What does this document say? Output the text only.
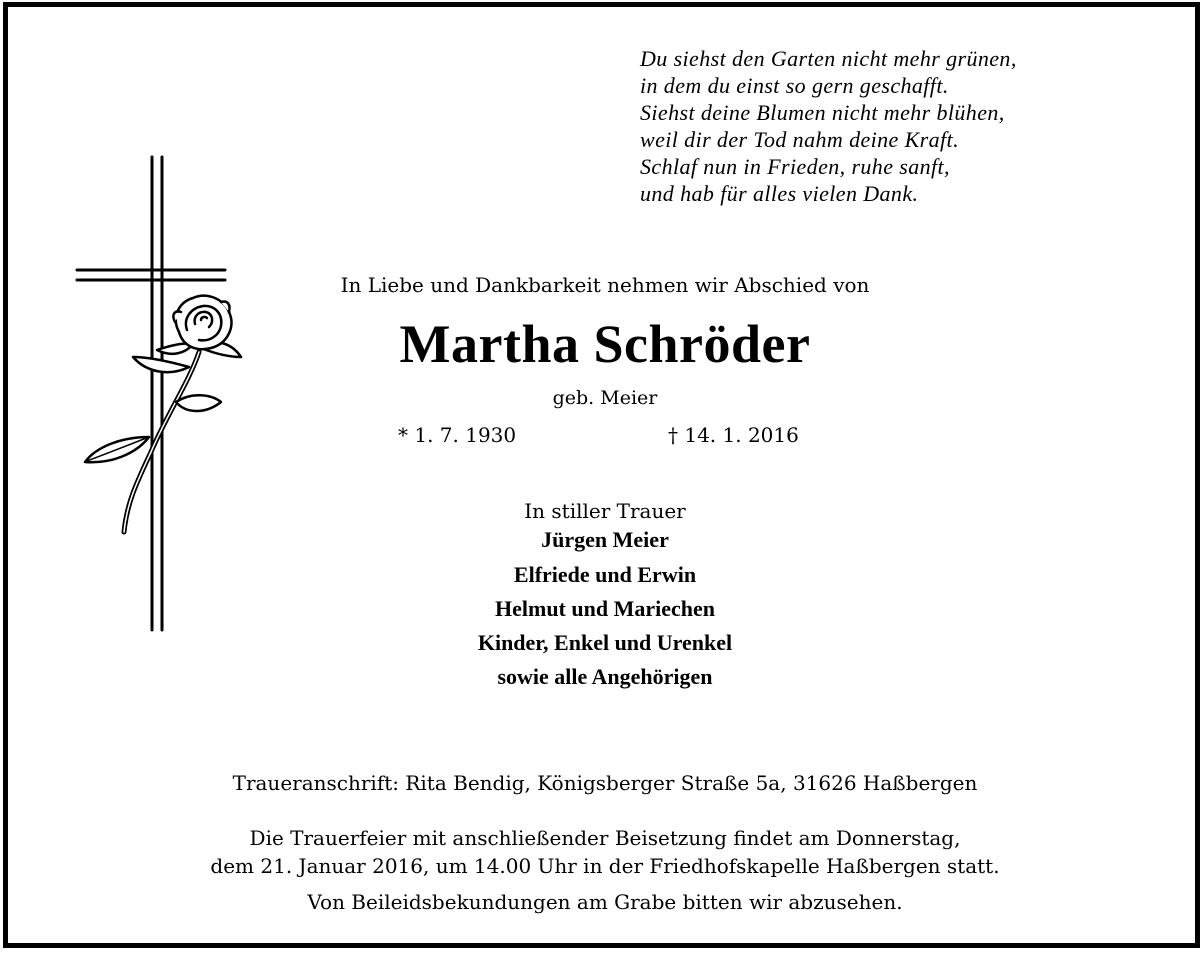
Du siehst den Garten nicht mehr grünen,
in dem du einst so gern geschafft.
Siehst deine Blumen nicht mehr blühen,
weil dir der Tod nahm deine Kraft.
Schlaf nun in Frieden, ruhe sanft,
und hab für alles vielen Dank.
In Liebe und Dankbarkeit nehmen wir Abschied von
Martha Schröder
geb. Meier
* 1. 7. 1930	† 14. 1. 2016
In stiller Trauer
Jürgen Meier
Elfriede und Erwin
Helmut und Mariechen
Kinder, Enkel und Urenkel
sowie alle Angehörigen
Traueranschrift: Rita Bendig, Königsberger Straße 5a, 31626 Haßbergen
Die Trauerfeier mit anschließender Beisetzung findet am Donnerstag,
dem 21. Januar 2016, um 14.00 Uhr in der Friedhofskapelle Haßbergen statt.
Von Beileidsbekundungen am Grabe bitten wir abzusehen.
